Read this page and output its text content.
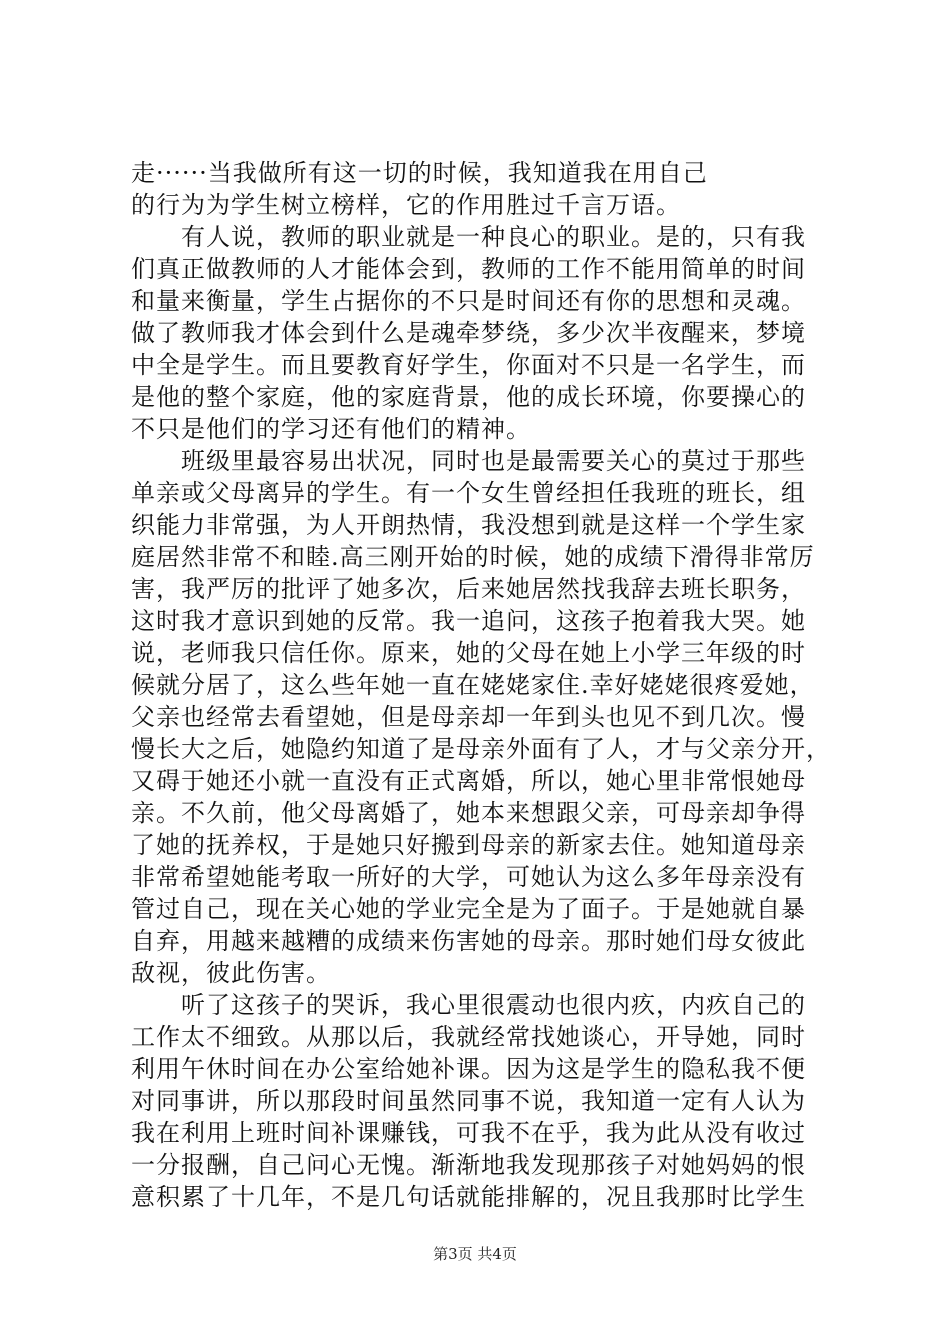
走······当我做所有这一切的时候，我知道我在用自己
的行为为学生树立榜样，它的作用胜过千言万语。
　　有人说，教师的职业就是一种良心的职业。是的，只有我
们真正做教师的人才能体会到，教师的工作不能用简单的时间
和量来衡量，学生占据你的不只是时间还有你的思想和灵魂。
做了教师我才体会到什么是魂牵梦绕，多少次半夜醒来，梦境
中全是学生。而且要教育好学生，你面对不只是一名学生，而
是他的整个家庭，他的家庭背景，他的成长环境，你要操心的
不只是他们的学习还有他们的精神。
　　班级里最容易出状况，同时也是最需要关心的莫过于那些
单亲或父母离异的学生。有一个女生曾经担任我班的班长，组
织能力非常强，为人开朗热情，我没想到就是这样一个学生家
庭居然非常不和睦.高三刚开始的时候，她的成绩下滑得非常厉
害，我严厉的批评了她多次，后来她居然找我辞去班长职务，
这时我才意识到她的反常。我一追问，这孩子抱着我大哭。她
说，老师我只信任你。原来，她的父母在她上小学三年级的时
候就分居了，这么些年她一直在姥姥家住.幸好姥姥很疼爱她，
父亲也经常去看望她，但是母亲却一年到头也见不到几次。慢
慢长大之后，她隐约知道了是母亲外面有了人，才与父亲分开，
又碍于她还小就一直没有正式离婚，所以，她心里非常恨她母
亲。不久前，他父母离婚了，她本来想跟父亲，可母亲却争得
了她的抚养权，于是她只好搬到母亲的新家去住。她知道母亲
非常希望她能考取一所好的大学，可她认为这么多年母亲没有
管过自己，现在关心她的学业完全是为了面子。于是她就自暴
自弃，用越来越糟的成绩来伤害她的母亲。那时她们母女彼此
敌视，彼此伤害。
　　听了这孩子的哭诉，我心里很震动也很内疚，内疚自己的
工作太不细致。从那以后，我就经常找她谈心，开导她，同时
利用午休时间在办公室给她补课。因为这是学生的隐私我不便
对同事讲，所以那段时间虽然同事不说，我知道一定有人认为
我在利用上班时间补课赚钱，可我不在乎，我为此从没有收过
一分报酬，自己问心无愧。渐渐地我发现那孩子对她妈妈的恨
意积累了十几年，不是几句话就能排解的，况且我那时比学生
第3页 共4页
